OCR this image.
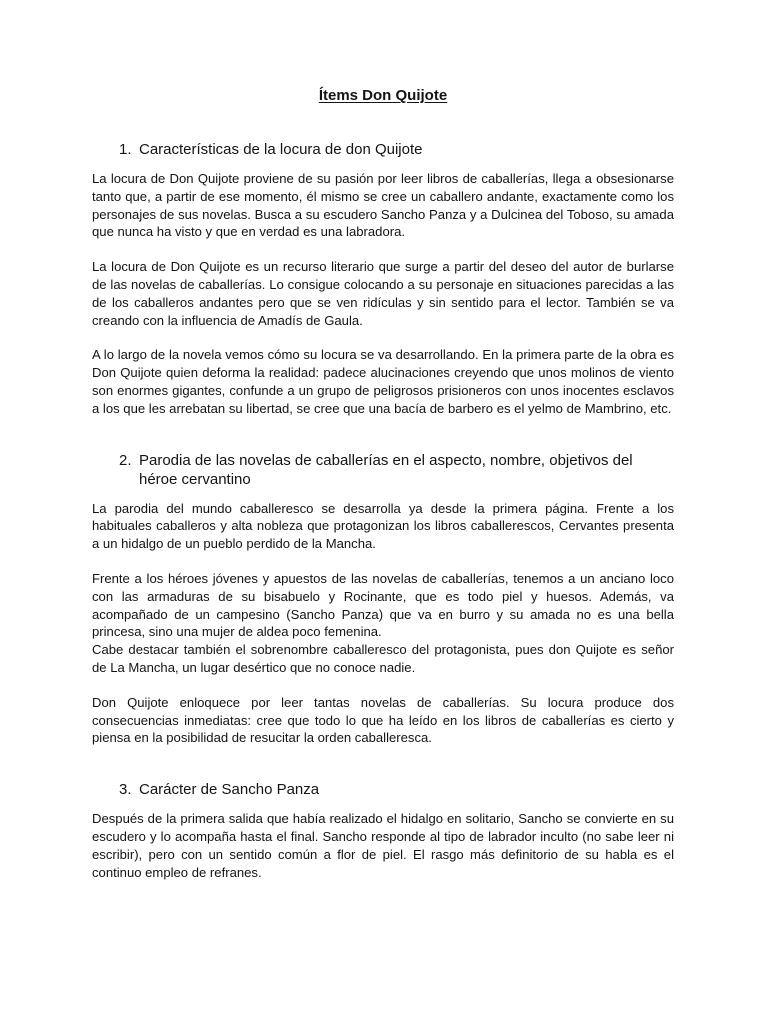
Ítems Don Quijote
1. Características de la locura de don Quijote

La locura de Don Quijote proviene de su pasión por leer libros de caballerías, llega a obsesionarse tanto que, a partir de ese momento, él mismo se cree un caballero andante, exactamente como los personajes de sus novelas. Busca a su escudero Sancho Panza y a Dulcinea del Toboso, su amada que nunca ha visto y que en verdad es una labradora.

La locura de Don Quijote es un recurso literario que surge a partir del deseo del autor de burlarse de las novelas de caballerías. Lo consigue colocando a su personaje en situaciones parecidas a las de los caballeros andantes pero que se ven ridículas y sin sentido para el lector. También se va creando con la influencia de Amadís de Gaula.

A lo largo de la novela vemos cómo su locura se va desarrollando. En la primera parte de la obra es Don Quijote quien deforma la realidad: padece alucinaciones creyendo que unos molinos de viento son enormes gigantes, confunde a un grupo de peligrosos prisioneros con unos inocentes esclavos a los que les arrebatan su libertad, se cree que una bacía de barbero es el yelmo de Mambrino, etc.

2. Parodia de las novelas de caballerías en el aspecto, nombre, objetivos del héroe cervantino

La parodia del mundo caballeresco se desarrolla ya desde la primera página. Frente a los habituales caballeros y alta nobleza que protagonizan los libros caballerescos, Cervantes presenta a un hidalgo de un pueblo perdido de la Mancha.

Frente a los héroes jóvenes y apuestos de las novelas de caballerías, tenemos a un anciano loco con las armaduras de su bisabuelo y Rocinante, que es todo piel y huesos. Además, va acompañado de un campesino (Sancho Panza) que va en burro y su amada no es una bella princesa, sino una mujer de aldea poco femenina.

Cabe destacar también el sobrenombre caballeresco del protagonista, pues don Quijote es señor de La Mancha, un lugar desértico que no conoce nadie.

Don Quijote enloquece por leer tantas novelas de caballerías. Su locura produce dos consecuencias inmediatas: cree que todo lo que ha leído en los libros de caballerías es cierto y piensa en la posibilidad de resucitar la orden caballeresca.

3. Carácter de Sancho Panza

Después de la primera salida que había realizado el hidalgo en solitario, Sancho se convierte en su escudero y lo acompaña hasta el final. Sancho responde al tipo de labrador inculto (no sabe leer ni escribir), pero con un sentido común a flor de piel. El rasgo más definitorio de su habla es el continuo empleo de refranes.
